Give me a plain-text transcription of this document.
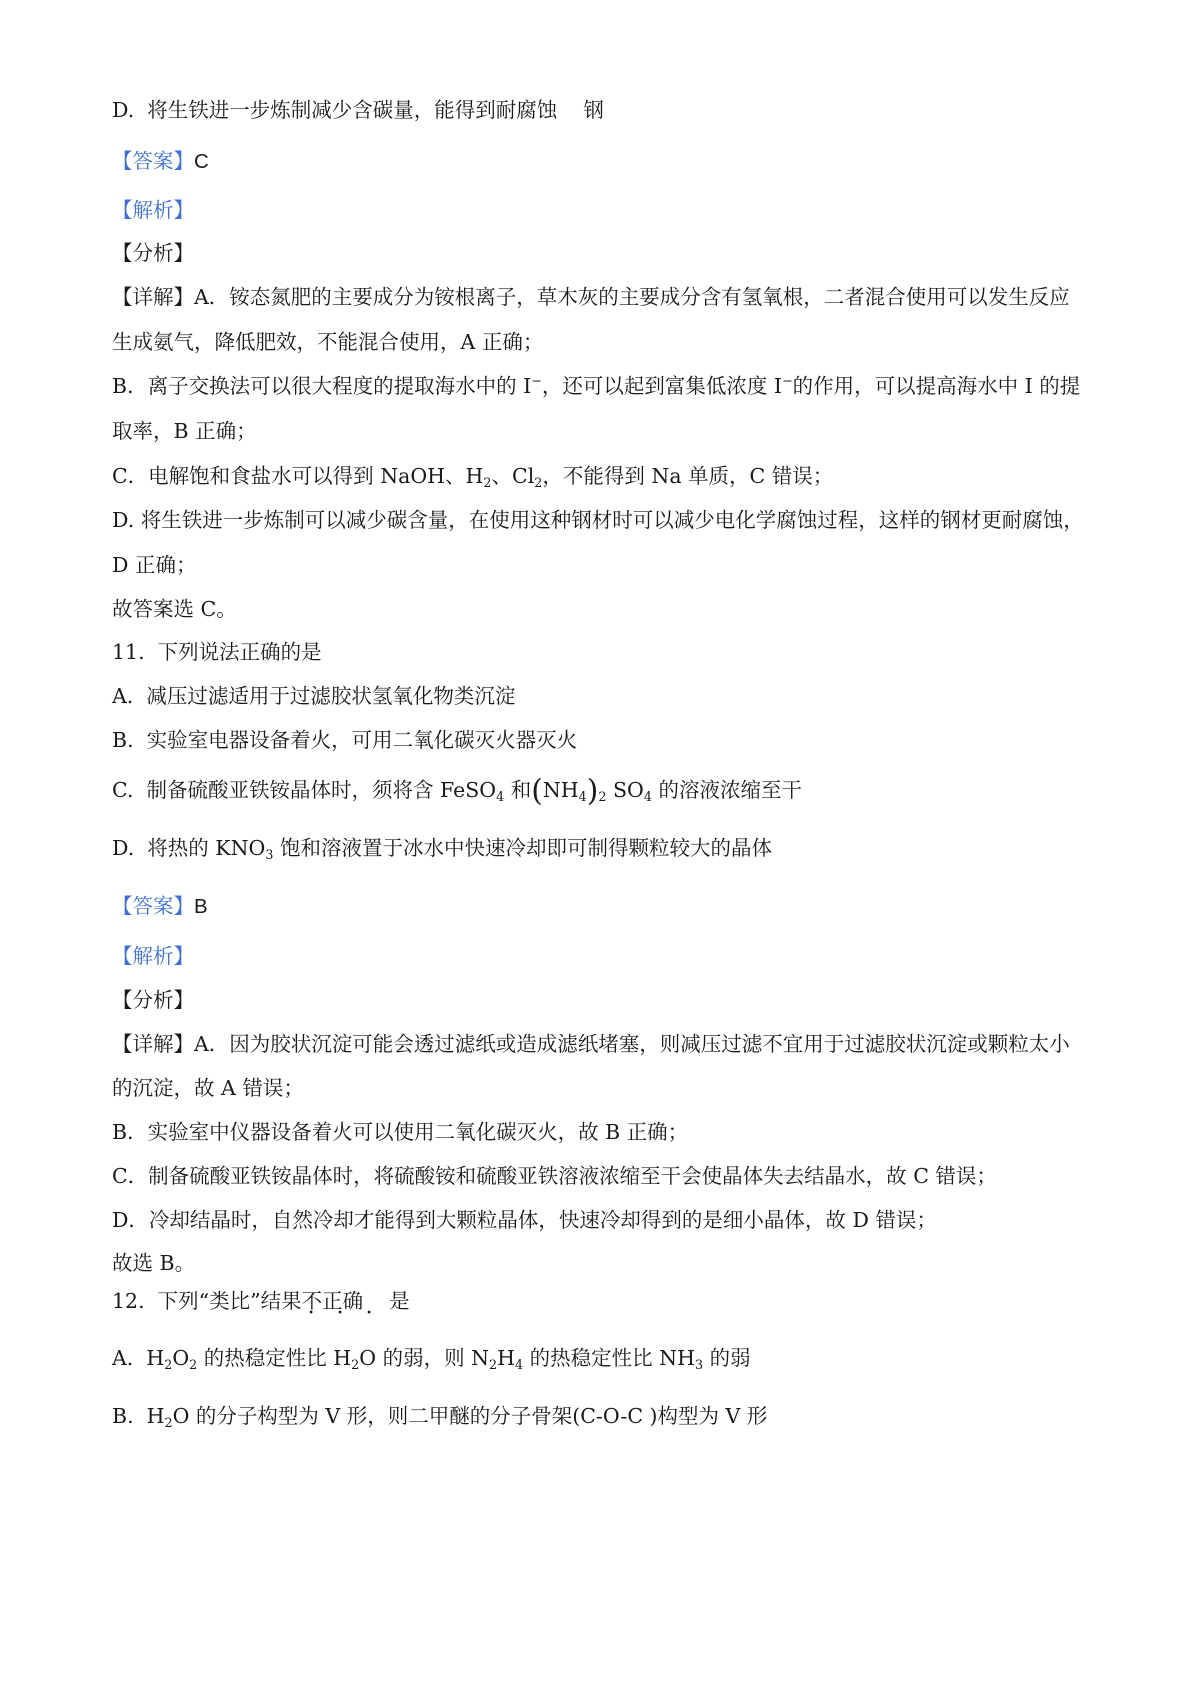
D.  将生铁进一步炼制减少含碳量，能得到耐腐蚀    钢
【答案】C
【解析】
【分析】
【详解】A．铵态氮肥的主要成分为铵根离子，草木灰的主要成分含有氢氧根，二者混合使用可以发生反应
生成氨气，降低肥效，不能混合使用，A 正确；
B．离子交换法可以很大程度的提取海水中的 I−，还可以起到富集低浓度 I−的作用，可以提高海水中 I 的提
取率，B 正确；
C．电解饱和食盐水可以得到 NaOH、$H_2$、$Cl_2$，不能得到 Na 单质，C 错误；
D. 将生铁进一步炼制可以减少碳含量，在使用这种钢材时可以减少电化学腐蚀过程，这样的钢材更耐腐蚀，
D 正确；
故答案选 C。
11.  下列说法正确的是
A.  减压过滤适用于过滤胶状氢氧化物类沉淀
B.  实验室电器设备着火，可用二氧化碳灭火器灭火
C.  制备硫酸亚铁铵晶体时，须将含 FeSO$_4$ 和$(NH_4)_2$ $SO_4$ 的溶液浓缩至干
D.  将热的 $KNO_3$ 饱和溶液置于冰水中快速冷却即可制得颗粒较大的晶体
【答案】B
【解析】
【分析】
【详解】A．因为胶状沉淀可能会透过滤纸或造成滤纸堵塞，则减压过滤不宜用于过滤胶状沉淀或颗粒太小
的沉淀，故 A 错误；
B．实验室中仪器设备着火可以使用二氧化碳灭火，故 B 正确；
C．制备硫酸亚铁铵晶体时，将硫酸铵和硫酸亚铁溶液浓缩至干会使晶体失去结晶水，故 C 错误；
D．冷却结晶时，自然冷却才能得到大颗粒晶体，快速冷却得到的是细小晶体，故 D 错误；
故选 B。
12.  下列“类比”结果不正确 · · ·    是
A.  $H_2O_2$ 的热稳定性比 $H_2O$ 的弱，则 $N_2H_4$ 的热稳定性比 $NH_3$ 的弱
B.  $H_2O$ 的分子构型为 V 形，则二甲醚的分子骨架(C-O-C )构型为 V 形
